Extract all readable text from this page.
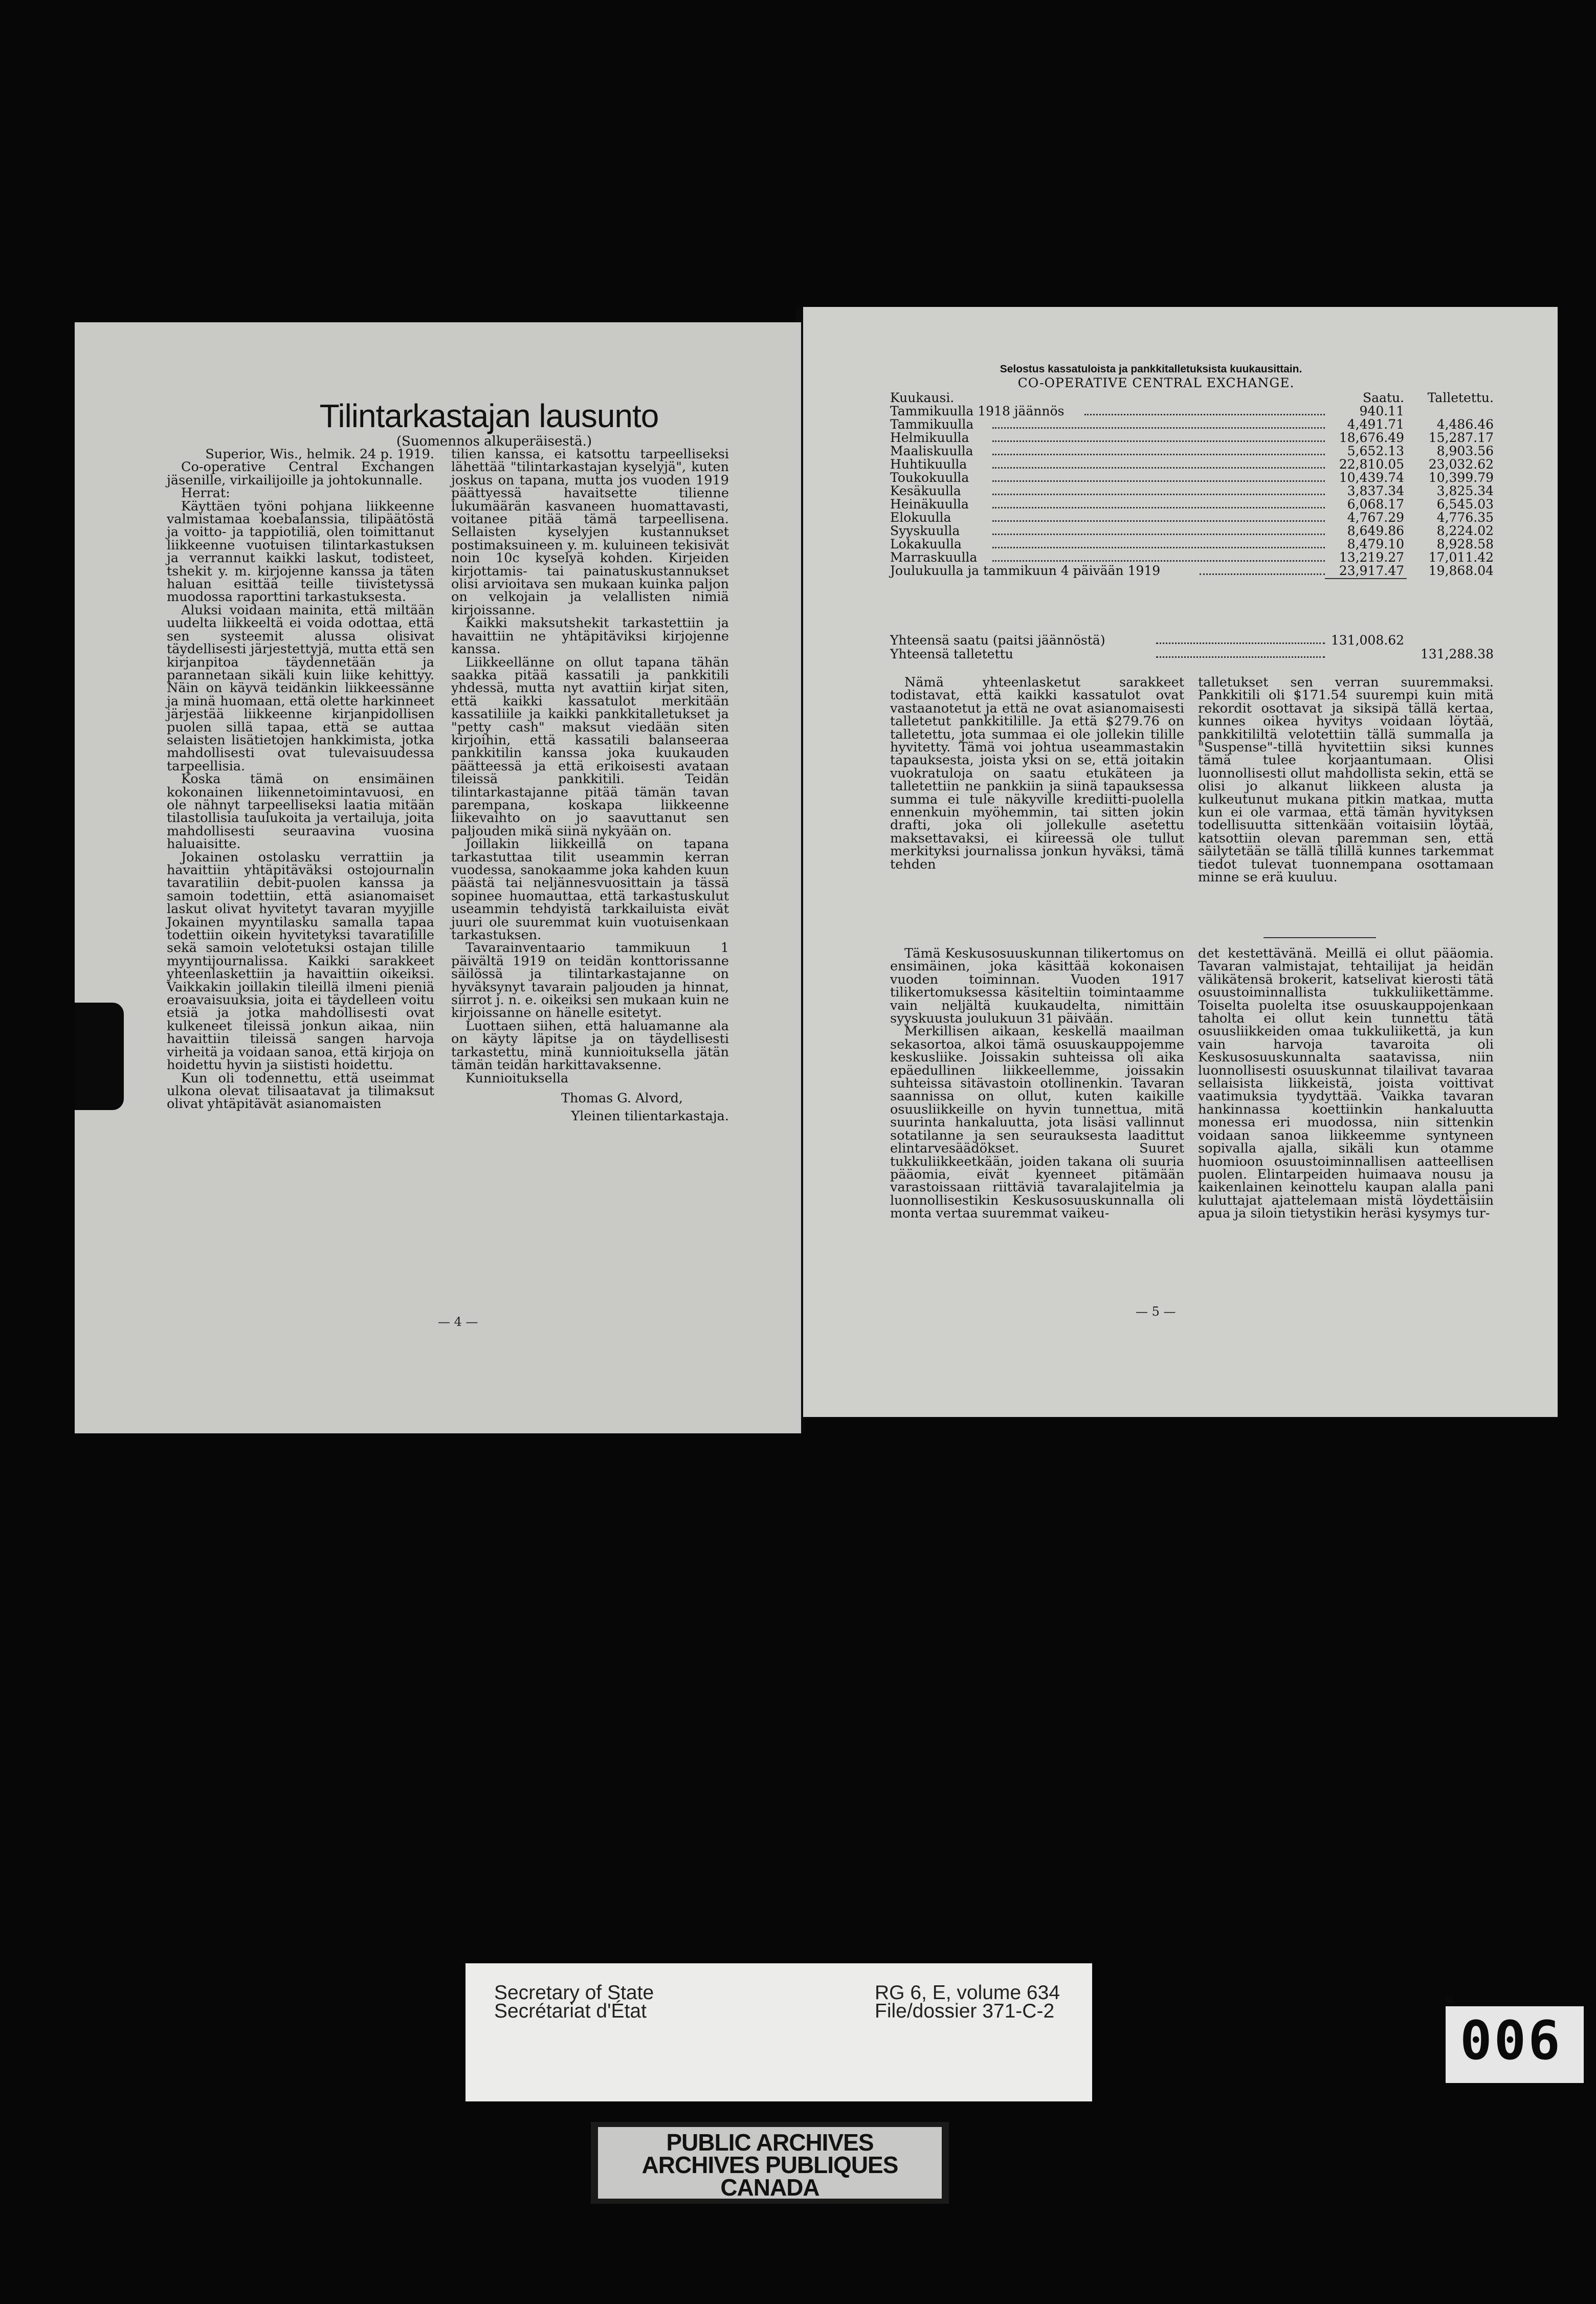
Tilintarkastajan lausunto
(Suomennos alkuperäisestä.)

Superior, Wis., helmik. 24 p. 1919.

Co-operative Central Exchangen jäsenille, virkailijoille ja johtokunnalle.

Herrat:

Käyttäen työni pohjana liikkeenne valmistamaa koebalanssia, tilipäätöstä ja voitto- ja tappiotiliä, olen toimittanut liikkeenne vuotuisen tilintarkastuksen ja verrannut kaikki laskut, todisteet, tshekit y. m. kirjojenne kanssa ja täten haluan esittää teille tiivistetyssä muodossa raporttini tarkastuksesta.

Aluksi voidaan mainita, että miltään uudelta liikkeeltä ei voida odottaa, että sen systeemit alussa olisivat täydellisesti järjestettyjä, mutta että sen kirjanpitoa täydennetään ja parannetaan sikäli kuin liike kehittyy. Näin on käyvä teidänkin liikkeessänne ja minä huomaan, että olette harkinneet järjestää liikkeenne kirjanpidollisen puolen sillä tapaa, että se auttaa selaisten lisätietojen hankkimista, jotka mahdollisesti ovat tulevaisuudessa tarpeellisia.

Koska tämä on ensimäinen kokonainen liikennetoimintavuosi, en ole nähnyt tarpeelliseksi laatia mitään tilastollisia taulukoita ja vertailuja, joita mahdollisesti seuraavina vuosina haluaisitte.

Jokainen ostolasku verrattiin ja havaittiin yhtäpitäväksi ostojournalin tavaratiliin debit-puolen kanssa ja samoin todettiin, että asianomaiset laskut olivat hyvitetyt tavaran myyjille Jokainen myyntilasku samalla tapaa todettiin oikein hyvitetyksi tavaratilille sekä samoin velotetuksi ostajan tilille myyntijournalissa. Kaikki sarakkeet yhteenlaskettiin ja havaittiin oikeiksi. Vaikkakin joillakin tileillä ilmeni pieniä eroavaisuuksia, joita ei täydelleen voitu etsiä ja jotka mahdollisesti ovat kulkeneet tileissä jonkun aikaa, niin havaittiin tileissä sangen harvoja virheitä ja voidaan sanoa, että kirjoja on hoidettu hyvin ja siististi hoidettu.

Kun oli todennettu, että useimmat ulkona olevat tilisaatavat ja tilimaksut olivat yhtäpitävät asianomaisten

tilien kanssa, ei katsottu tarpeelliseksi lähettää "tilintarkastajan kyselyjä", kuten joskus on tapana, mutta jos vuoden 1919 päättyessä havaitsette tilienne lukumäärän kasvaneen huomattavasti, voitanee pitää tämä tarpeellisena. Sellaisten kyselyjen kustannukset postimaksuineen y. m. kuluineen tekisivät noin 10c kyselyä kohden. Kirjeiden kirjottamis- tai painatuskustannukset olisi arvioitava sen mukaan kuinka paljon on velkojain ja velallisten nimiä kirjoissanne.

Kaikki maksutshekit tarkastettiin ja havaittiin ne yhtäpitäviksi kirjojenne kanssa.

Liikkeellänne on ollut tapana tähän saakka pitää kassatili ja pankkitili yhdessä, mutta nyt avattiin kirjat siten, että kaikki kassatulot merkitään kassatiliile ja kaikki pankkitalletukset ja "petty cash" maksut viedään siten kirjoihin, että kassatili balanseeraa pankkitilin kanssa joka kuukauden päätteessä ja että erikoisesti avataan tileissä pankkitili. Teidän tilintarkastajanne pitää tämän tavan parempana, koskapa liikkeenne liikevaihto on jo saavuttanut sen paljouden mikä siinä nykyään on.

Joillakin liikkeillä on tapana tarkastuttaa tilit useammin kerran vuodessa, sanokaamme joka kahden kuun päästä tai neljännesvuosittain ja tässä sopinee huomauttaa, että tarkastuskulut useammin tehdyistä tarkkailuista eivät juuri ole suuremmat kuin vuotuisenkaan tarkastuksen.

Tavarainventaario tammikuun 1 päivältä 1919 on teidän konttorissanne säilössä ja tilintarkastajanne on hyväksynyt tavarain paljouden ja hinnat, siirrot j. n. e. oikeiksi sen mukaan kuin ne kirjoissanne on hänelle esitetyt.

Luottaen siihen, että haluamanne ala on käyty läpitse ja on täydellisesti tarkastettu, minä kunnioituksella jätän tämän teidän harkittavaksenne.

Kunnioituksella

Thomas G. Alvord,

Yleinen tilientarkastaja.

— 4 —
Selostus kassatuloista ja pankkitalletuksista kuukausittain.
CO-OPERATIVE CENTRAL EXCHANGE.
Kuukausi.	Saatu.	Talletettu.
Tammikuulla 1918 jäännös	940.11
Tammikuulla	4,491.71	4,486.46
Helmikuulla	18,676.49	15,287.17
Maaliskuulla	5,652.13	8,903.56
Huhtikuulla	22,810.05	23,032.62
Toukokuulla	10,439.74	10,399.79
Kesäkuulla	3,837.34	3,825.34
Heinäkuulla	6,068.17	6,545.03
Elokuulla	4,767.29	4,776.35
Syyskuulla	8,649.86	8,224.02
Lokakuulla	8,479.10	8,928.58
Marraskuulla	13,219.27	17,011.42
Joulukuulla ja tammikuun 4 päivään 1919	23,917.47	19,868.04
Yhteensä saatu (paitsi jäännöstä)	131,008.62
Yhteensä talletettu	131,288.38

Nämä yhteenlasketut sarakkeet todistavat, että kaikki kassatulot ovat vastaanotetut ja että ne ovat asianomaisesti talletetut pankkitilille. Ja että $279.76 on talletettu, jota summaa ei ole jollekin tilille hyvitetty. Tämä voi johtua useammastakin tapauksesta, joista yksi on se, että joitakin vuokratuloja on saatu etukäteen ja talletettiin ne pankkiin ja siinä tapauksessa summa ei tule näkyville krediitti-puolella ennenkuin myöhemmin, tai sitten jokin drafti, joka oli jollekulle asetettu maksettavaksi, ei kiireessä ole tullut merkityksi journalissa jonkun hyväksi, tämä tehden

talletukset sen verran suuremmaksi. Pankkitili oli $171.54 suurempi kuin mitä rekordit osottavat ja siksipä tällä kertaa, kunnes oikea hyvitys voidaan löytää, pankkitililtä velotettiin tällä summalla ja "Suspense"-tillä hyvitettiin siksi kunnes tämä tulee korjaantumaan. Olisi luonnollisesti ollut mahdollista sekin, että se olisi jo alkanut liikkeen alusta ja kulkeutunut mukana pitkin matkaa, mutta kun ei ole varmaa, että tämän hyvityksen todellisuutta sittenkään voitaisiin löytää, katsottiin olevan paremman sen, että säilytetään se tällä tilillä kunnes tarkemmat tiedot tulevat tuonnempana osottamaan minne se erä kuuluu.

Tämä Keskusosuuskunnan tilikertomus on ensimäinen, joka käsittää kokonaisen vuoden toiminnan. Vuoden 1917 tilikertomuksessa käsiteltiin toimintaamme vain neljältä kuukaudelta, nimittäin syyskuusta joulukuun 31 päivään.

Merkillisen aikaan, keskellä maailman sekasortoa, alkoi tämä osuuskauppojemme keskusliike. Joissakin suhteissa oli aika epäedullinen liikkeellemme, joissakin suhteissa sitävastoin otollinenkin. Tavaran saannissa on ollut, kuten kaikille osuusliikkeille on hyvin tunnettua, mitä suurinta hankaluutta, jota lisäsi vallinnut sotatilanne ja sen seurauksesta laadittut elintarvesäädökset. Suuret tukkuliikkeetkään, joiden takana oli suuria pääomia, eivät kyenneet pitämään varastoissaan riittäviä tavaralajitelmia ja luonnollisestikin Keskusosuuskunnalla oli monta vertaa suuremmat vaikeu-

det kestettävänä. Meillä ei ollut pääomia. Tavaran valmistajat, tehtailijat ja heidän välikätensä brokerit, katselivat kierosti tätä osuustoiminnallista tukkuliikettämme. Toiselta puolelta itse osuuskauppojenkaan taholta ei ollut kein tunnettu tätä osuusliikkeiden omaa tukkuliikettä, ja kun vain harvoja tavaroita oli Keskusosuuskunnalta saatavissa, niin luonnollisesti osuuskunnat tilailivat tavaraa sellaisista liikkeistä, joista voittivat vaatimuksia tyydyttää. Vaikka tavaran hankinnassa koettiinkin hankaluutta monessa eri muodossa, niin sittenkin voidaan sanoa liikkeemme syntyneen sopivalla ajalla, sikäli kun otamme huomioon osuustoiminnallisen aatteellisen puolen. Elintarpeiden huimaava nousu ja kaikenlainen keinottelu kaupan alalla pani kuluttajat ajattelemaan mistä löydettäisiin apua ja siloin tietystikin heräsi kysymys tur-

— 5 —
Secretary of State
Secrétariat d'État
RG 6, E, volume 634
File/dossier 371-C-2
PUBLIC ARCHIVES
ARCHIVES PUBLIQUES
CANADA
006
